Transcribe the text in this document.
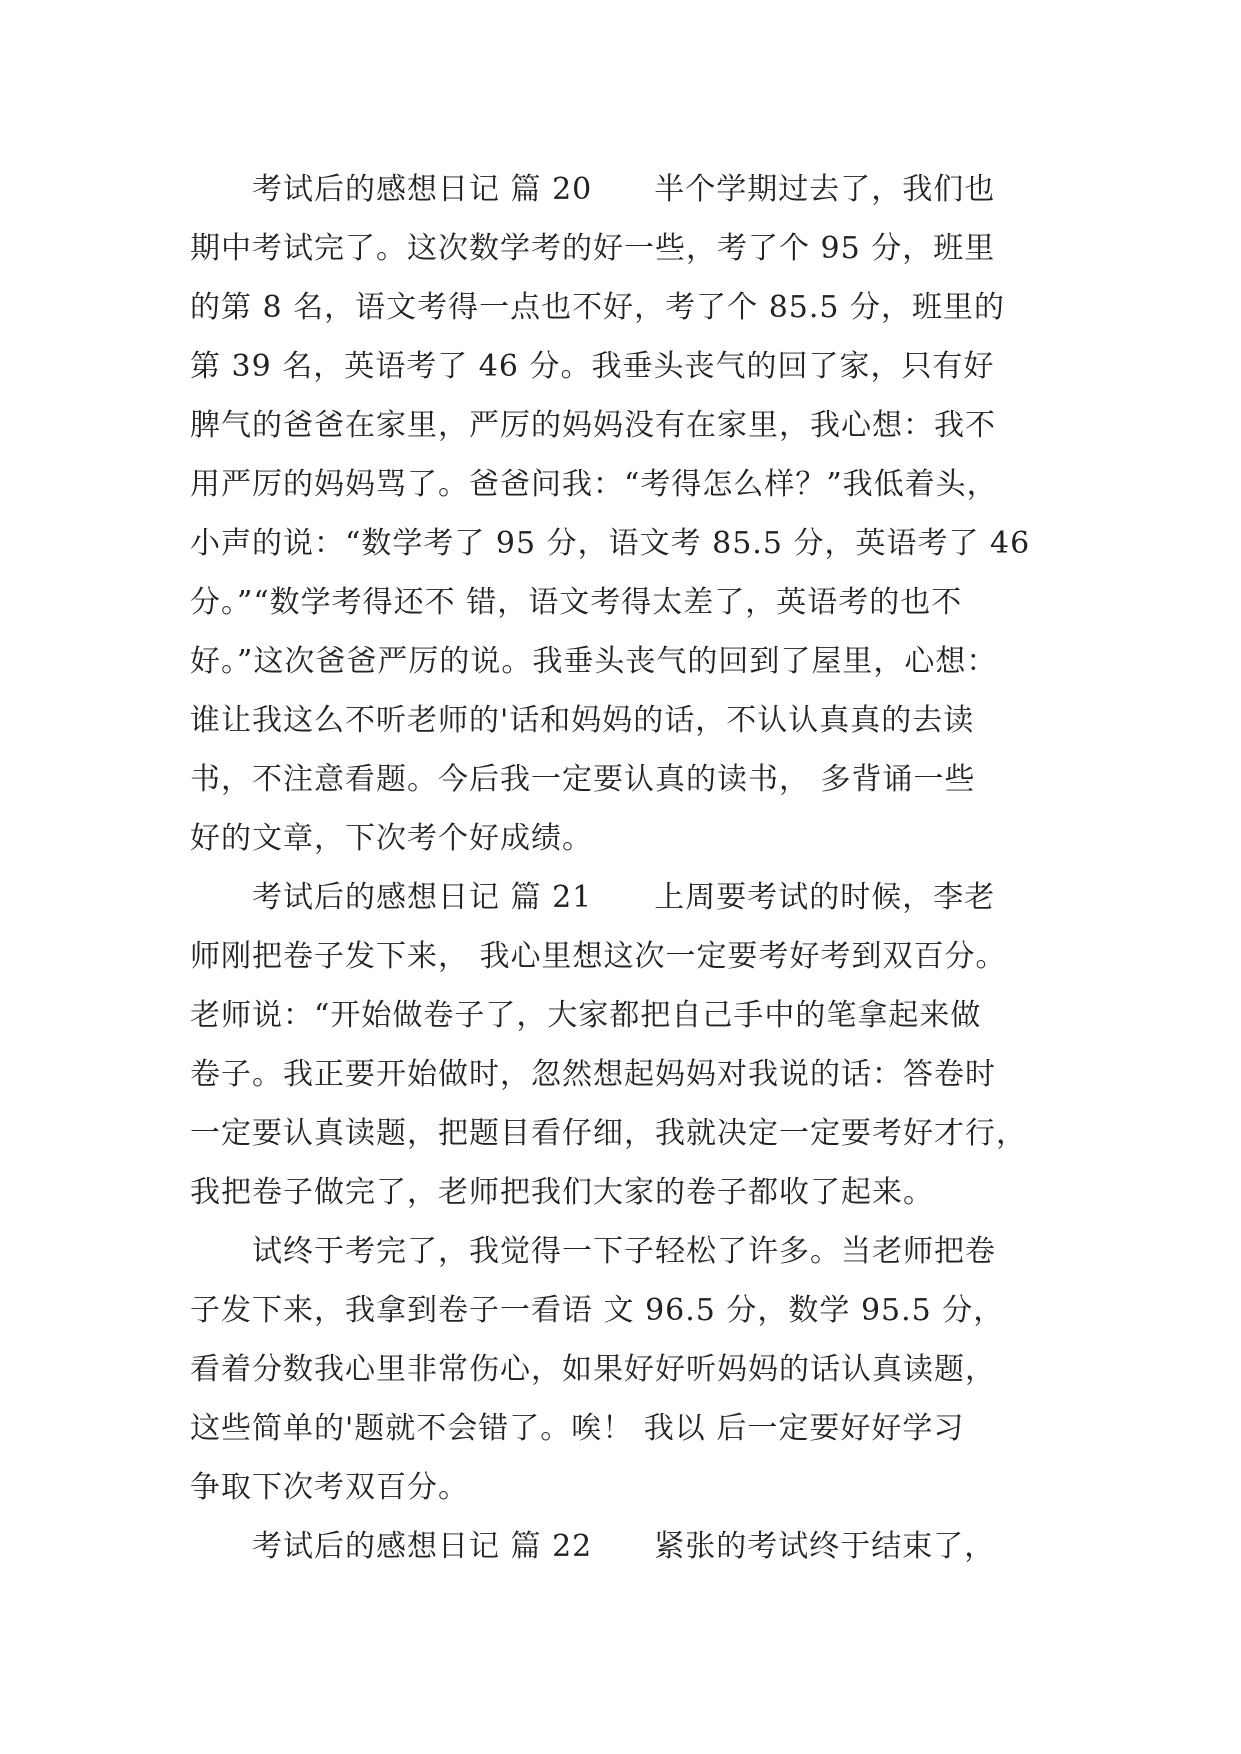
　　考试后的感想日记 篇 20　　半个学期过去了，我们也
期中考试完了。这次数学考的好一些，考了个 95 分，班里
的第 8 名，语文考得一点也不好，考了个 85.5 分，班里的
第 39 名，英语考了 46 分。我垂头丧气的回了家，只有好
脾气的爸爸在家里，严厉的妈妈没有在家里，我心想：我不
用严厉的妈妈骂了。爸爸问我：“考得怎么样？”我低着头，
小声的说：“数学考了 95 分，语文考 85.5 分，英语考了 46
分。”“数学考得还不 错，语文考得太差了，英语考的也不
好。”这次爸爸严厉的说。我垂头丧气的回到了屋里，心想：
谁让我这么不听老师的'话和妈妈的话，不认认真真的去读
书，不注意看题。今后我一定要认真的读书， 多背诵一些
好的文章，下次考个好成绩。
　　考试后的感想日记 篇 21　　上周要考试的时候，李老
师刚把卷子发下来， 我心里想这次一定要考好考到双百分。
老师说：“开始做卷子了，大家都把自己手中的笔拿起来做
卷子。我正要开始做时，忽然想起妈妈对我说的话：答卷时
一定要认真读题，把题目看仔细，我就决定一定要考好才行，
我把卷子做完了，老师把我们大家的卷子都收了起来。
　　试终于考完了，我觉得一下子轻松了许多。当老师把卷
子发下来，我拿到卷子一看语 文 96.5 分，数学 95.5 分，
看着分数我心里非常伤心，如果好好听妈妈的话认真读题，
这些简单的'题就不会错了。唉！ 我以 后一定要好好学习
争取下次考双百分。
　　考试后的感想日记 篇 22　　紧张的考试终于结束了，
